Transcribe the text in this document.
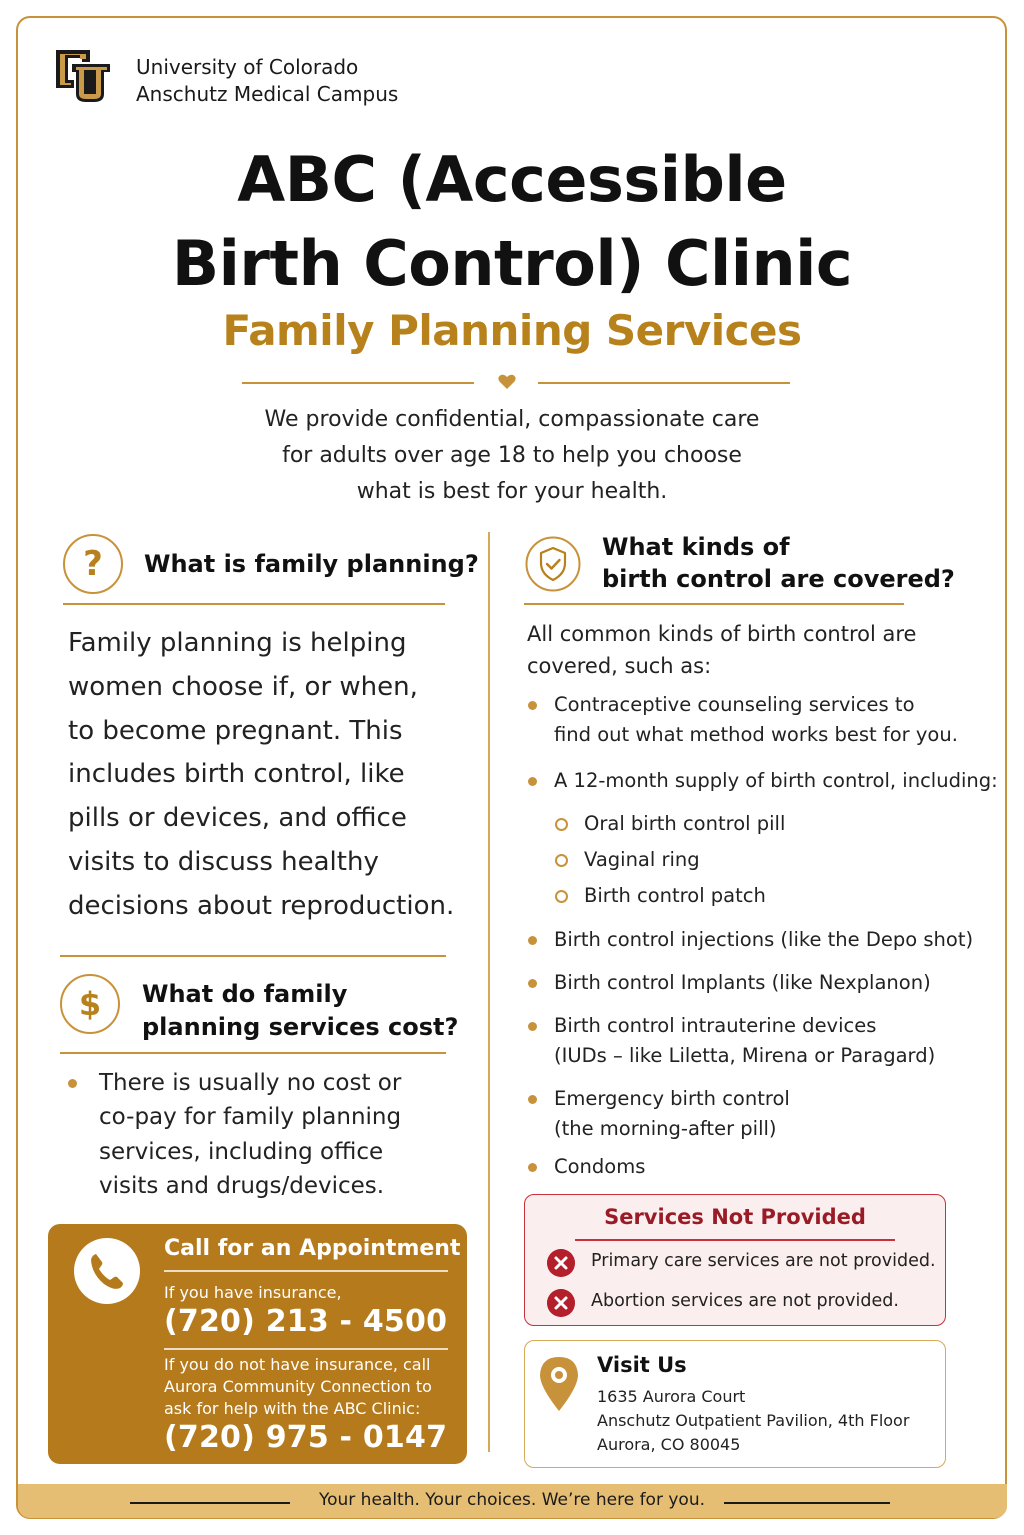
University of Colorado
Anschutz Medical Campus
ABC (Accessible
Birth Control) Clinic
Family Planning Services
We provide confidential, compassionate care
for adults over age 18 to help you choose
what is best for your health.
?	What is family planning?
Family planning is helping
women choose if, or when,
to become pregnant. This
includes birth control, like
pills or devices, and office
visits to discuss healthy
decisions about reproduction.
$	What do family
planning services cost?
There is usually no cost or
co-pay for family planning
services, including office
visits and drugs/devices.
Call for an Appointment
If you have insurance,
(720) 213 - 4500
If you do not have insurance, call
Aurora Community Connection to
ask for help with the ABC Clinic:
(720) 975 - 0147
What kinds of
birth control are covered?
All common kinds of birth control are
covered, such as:
Contraceptive counseling services to
find out what method works best for you.
A 12-month supply of birth control, including:
Oral birth control pill
Vaginal ring
Birth control patch
Birth control injections (like the Depo shot)
Birth control Implants (like Nexplanon)
Birth control intrauterine devices
(IUDs – like Liletta, Mirena or Paragard)
Emergency birth control
(the morning-after pill)
Condoms
Services Not Provided
Primary care services are not provided.
Abortion services are not provided.
Visit Us
1635 Aurora Court
Anschutz Outpatient Pavilion, 4th Floor
Aurora, CO 80045
Your health. Your choices. We’re here for you.
